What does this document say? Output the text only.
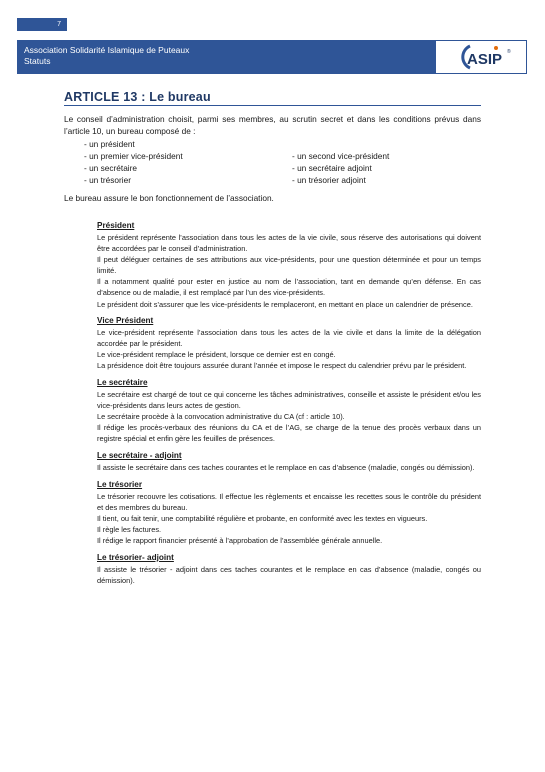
7
Association Solidarité Islamique de Puteaux
Statuts	ASIP ®
ARTICLE 13 : Le bureau

Le conseil d’administration choisit, parmi ses membres, au scrutin secret et dans les conditions prévus dans l’article 10, un bureau composé de :

- un président
- un premier vice-président	- un second vice-président
- un secrétaire	- un secrétaire adjoint
- un trésorier	- un trésorier adjoint

Le bureau assure le bon fonctionnement de l’association.

Président

Le président représente l’association dans tous les actes de la vie civile, sous réserve des autorisations qui doivent être accordées par le conseil d’administration.

Il peut déléguer certaines de ses attributions aux vice-présidents, pour une question déterminée et pour un temps limité.

Il a notamment qualité pour ester en justice au nom de l’association, tant en demande qu’en défense. En cas d’absence ou de maladie, il est remplacé par l’un des vice-présidents.

Le président doit s’assurer que les vice-présidents le remplaceront, en mettant en place un calendrier de présence.

Vice Président

Le vice-président représente l’association dans tous les actes de la vie civile et dans la limite de la délégation accordée par le président.

Le vice-président remplace le président, lorsque ce dernier est en congé.

La présidence doit être toujours assurée durant l’année et impose le respect du calendrier prévu par le président.

Le secrétaire

Le secrétaire est chargé de tout ce qui concerne les tâches administratives, conseille et assiste le président et/ou les vice-présidents dans leurs actes de gestion.

Le secrétaire procède à la convocation administrative du CA (cf : article 10).

Il rédige les procès-verbaux des réunions du CA et de l’AG, se charge de la tenue des procès verbaux dans un registre spécial et enfin gère les feuilles de présences.

Le secrétaire - adjoint

Il assiste le secrétaire dans ces taches courantes et le remplace en cas d’absence (maladie, congés ou démission).

Le trésorier

Le trésorier recouvre les cotisations. Il effectue les règlements et encaisse les recettes sous le contrôle du président et des membres du bureau.

Il tient, ou fait tenir, une comptabilité régulière et probante, en conformité avec les textes en vigueurs.

Il règle les factures.

Il rédige le rapport financier présenté à l’approbation de l’assemblée générale annuelle.

Le trésorier- adjoint

Il assiste le trésorier - adjoint dans ces taches courantes et le remplace en cas d’absence (maladie, congés ou démission).
